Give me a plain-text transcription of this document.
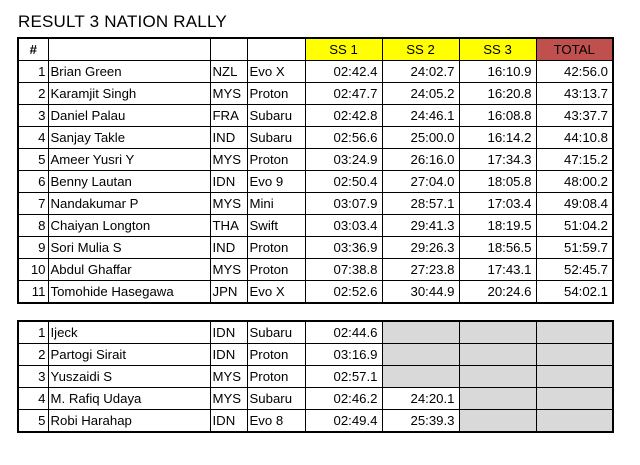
RESULT 3 NATION RALLY
#				SS 1	SS 2	SS 3	TOTAL
1	Brian Green	NZL	Evo X	02:42.4	24:02.7	16:10.9	42:56.0
2	Karamjit Singh	MYS	Proton	02:47.7	24:05.2	16:20.8	43:13.7
3	Daniel Palau	FRA	Subaru	02:42.8	24:46.1	16:08.8	43:37.7
4	Sanjay Takle	IND	Subaru	02:56.6	25:00.0	16:14.2	44:10.8
5	Ameer Yusri Y	MYS	Proton	03:24.9	26:16.0	17:34.3	47:15.2
6	Benny Lautan	IDN	Evo 9	02:50.4	27:04.0	18:05.8	48:00.2
7	Nandakumar P	MYS	Mini	03:07.9	28:57.1	17:03.4	49:08.4
8	Chaiyan Longton	THA	Swift	03:03.4	29:41.3	18:19.5	51:04.2
9	Sori Mulia S	IND	Proton	03:36.9	29:26.3	18:56.5	51:59.7
10	Abdul Ghaffar	MYS	Proton	07:38.8	27:23.8	17:43.1	52:45.7
11	Tomohide Hasegawa	JPN	Evo X	02:52.6	30:44.9	20:24.6	54:02.1
1	Ijeck	IDN	Subaru	02:44.6			
2	Partogi Sirait	IDN	Proton	03:16.9			
3	Yuszaidi S	MYS	Proton	02:57.1			
4	M. Rafiq Udaya	MYS	Subaru	02:46.2	24:20.1		
5	Robi Harahap	IDN	Evo 8	02:49.4	25:39.3		
